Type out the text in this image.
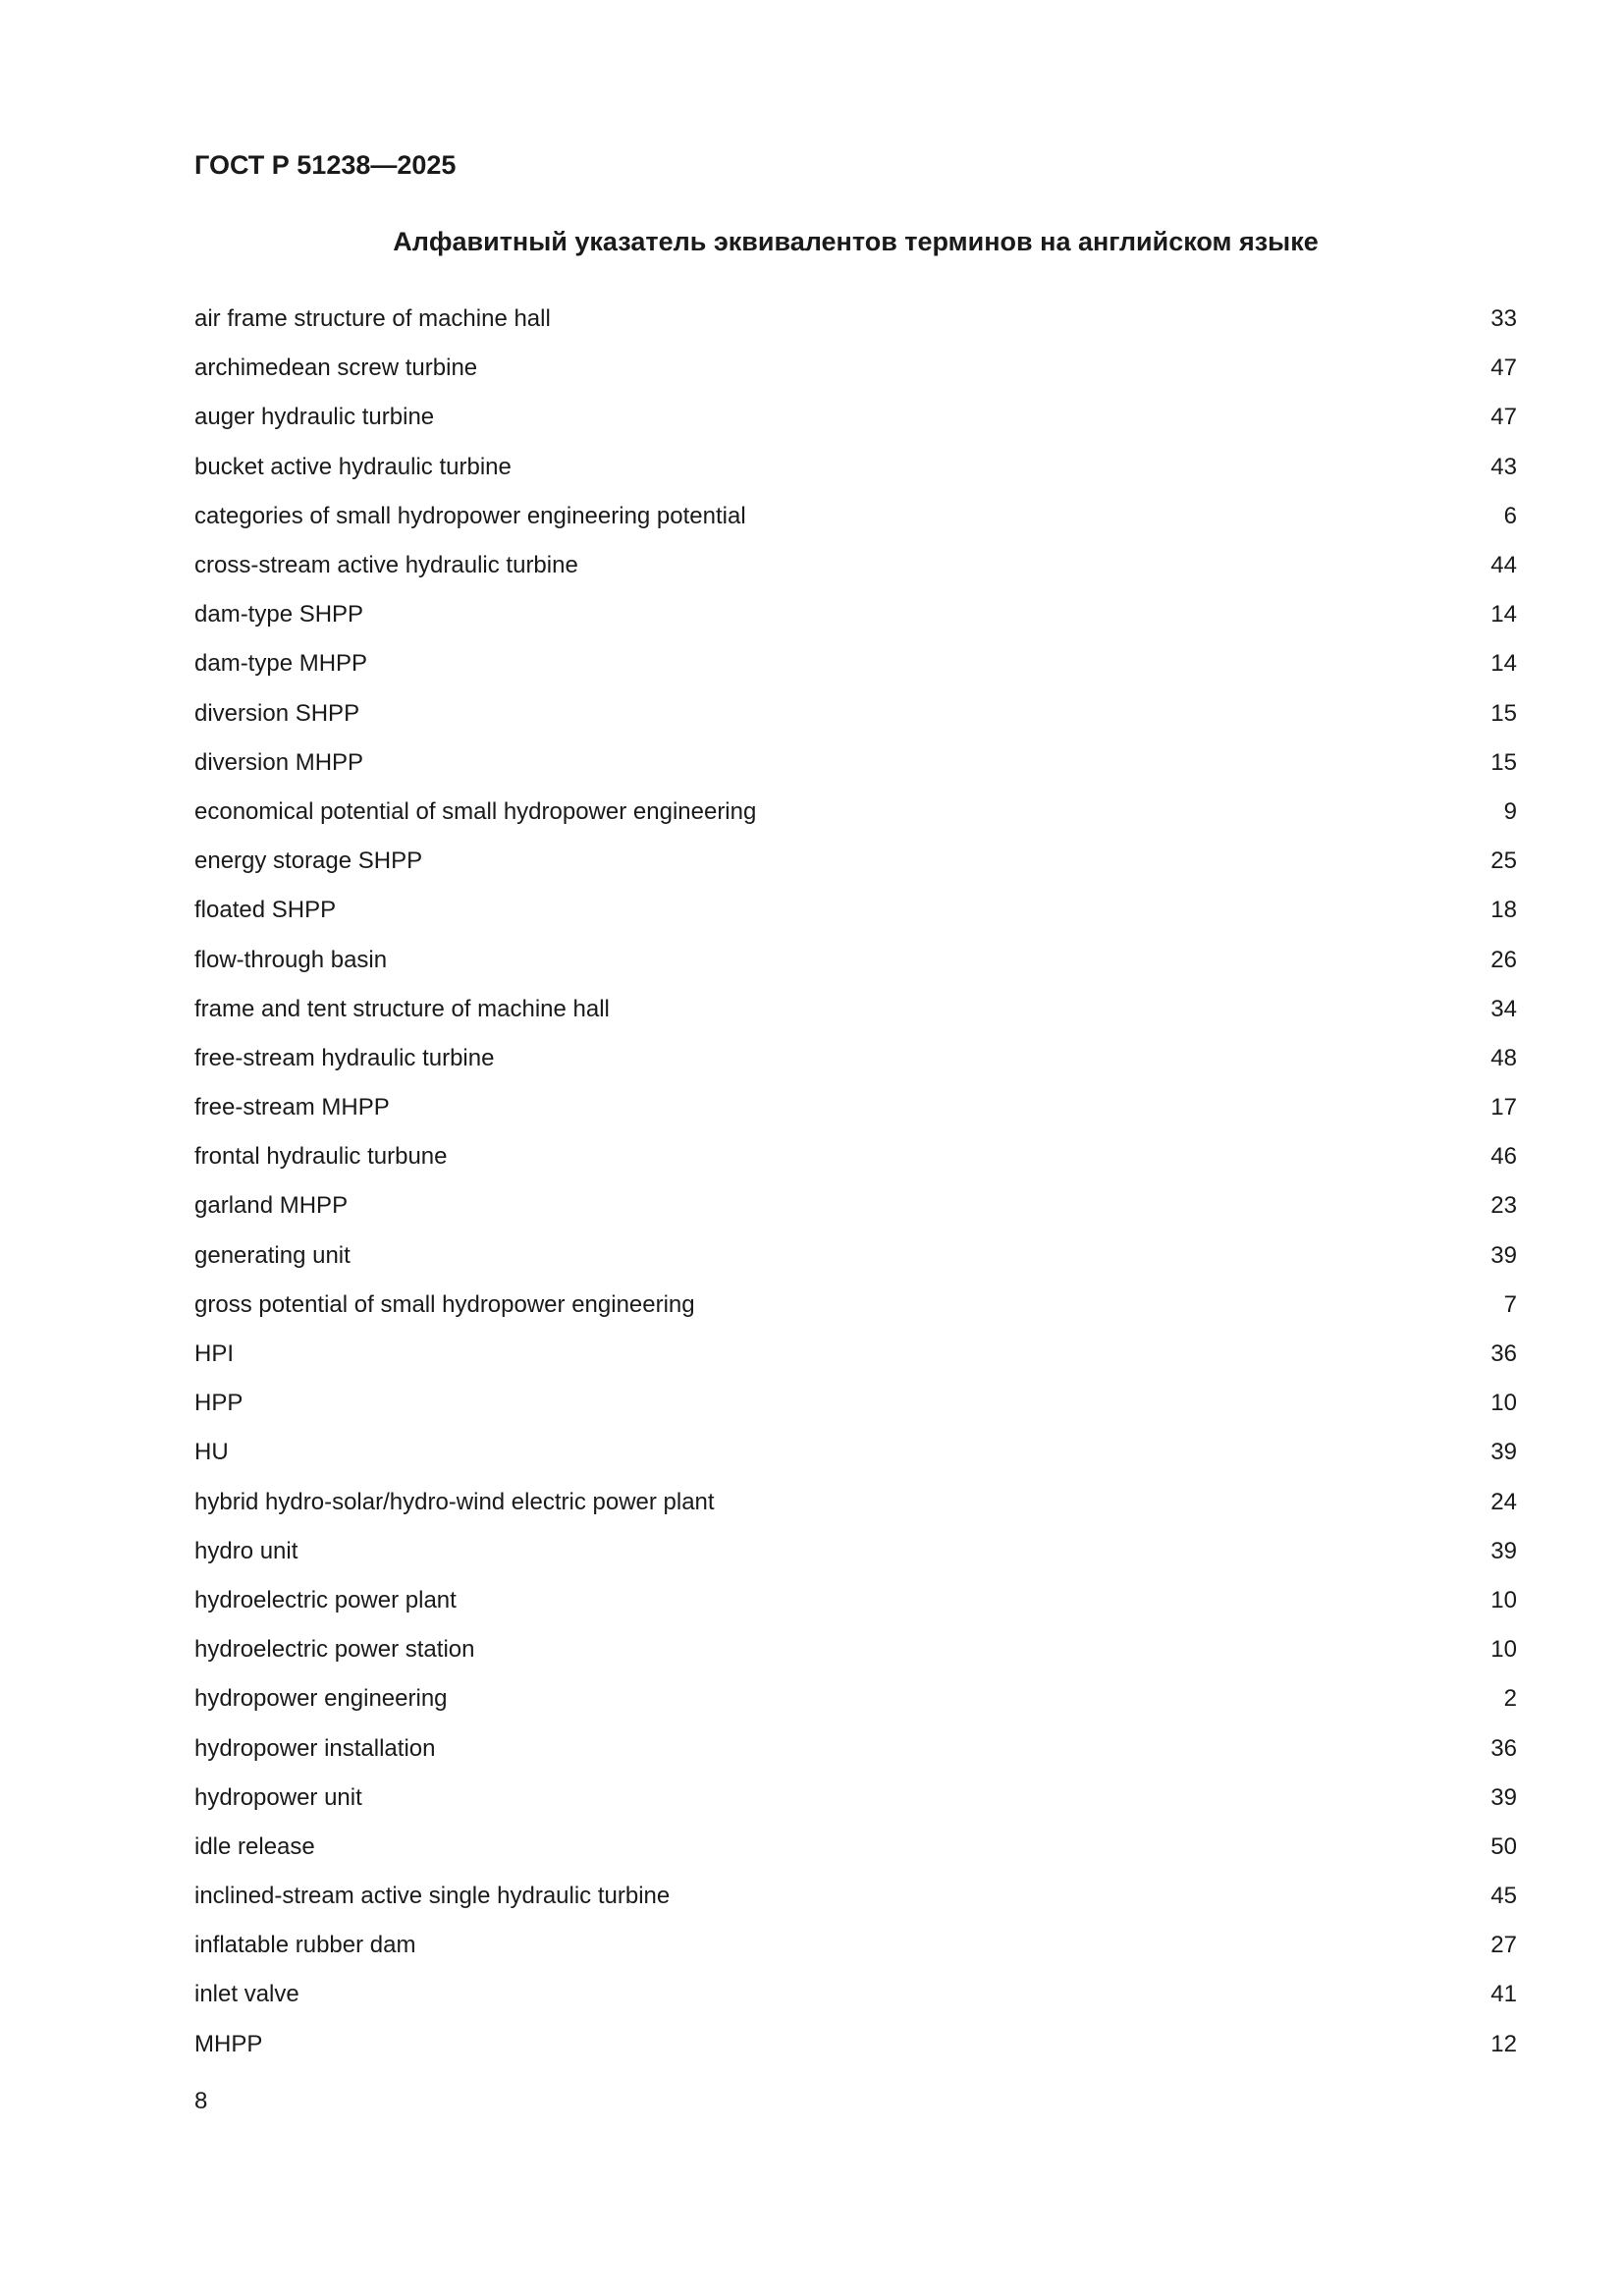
ГОСТ Р 51238—2025
Алфавитный указатель эквивалентов терминов на английском языке
air frame structure of machine hall	33
archimedean screw turbine	47
auger hydraulic turbine	47
bucket active hydraulic turbine	43
categories of small hydropower engineering potential	6
cross-stream active hydraulic turbine	44
dam-type SHPP	14
dam-type MHPP	14
diversion SHPP	15
diversion MHPP	15
economical potential of small hydropower engineering	9
energy storage SHPP	25
floated SHPP	18
flow-through basin	26
frame and tent structure of machine hall	34
free-stream hydraulic turbine	48
free-stream MHPP	17
frontal hydraulic turbune	46
garland MHPP	23
generating unit	39
gross potential of small hydropower engineering	7
HPI	36
HPP	10
HU	39
hybrid hydro-solar/hydro-wind electric power plant	24
hydro unit	39
hydroelectric power plant	10
hydroelectric power station	10
hydropower engineering	2
hydropower installation	36
hydropower unit	39
idle release	50
inclined-stream active single hydraulic turbine	45
inflatable rubber dam	27
inlet valve	41
MHPP	12
8
